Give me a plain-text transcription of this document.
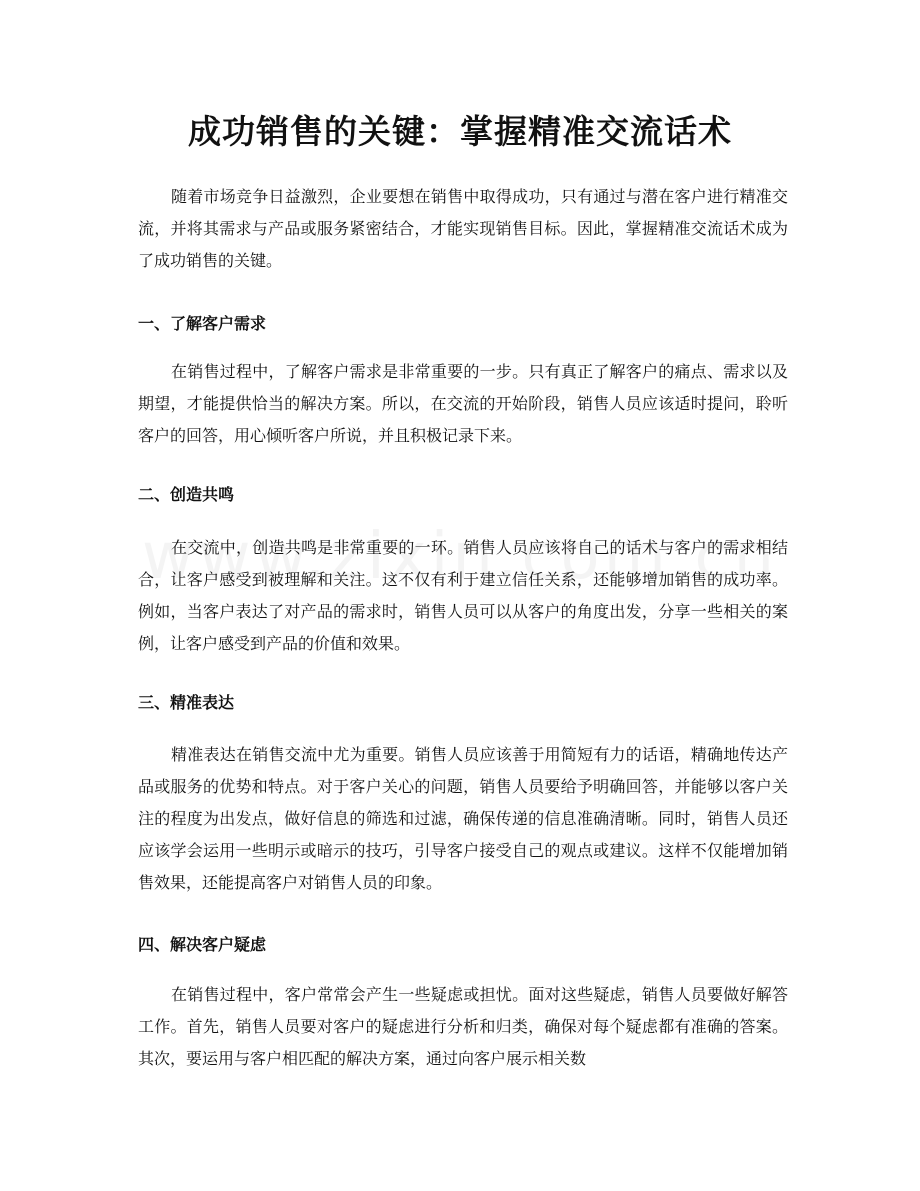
成功销售的关键：掌握精准交流话术
随着市场竞争日益激烈，企业要想在销售中取得成功，只有通过与潜在客户进行精准交流，并将其需求与产品或服务紧密结合，才能实现销售目标。因此，掌握精准交流话术成为了成功销售的关键。
一、了解客户需求
在销售过程中，了解客户需求是非常重要的一步。只有真正了解客户的痛点、需求以及期望，才能提供恰当的解决方案。所以，在交流的开始阶段，销售人员应该适时提问，聆听客户的回答，用心倾听客户所说，并且积极记录下来。
二、创造共鸣
在交流中，创造共鸣是非常重要的一环。销售人员应该将自己的话术与客户的需求相结合，让客户感受到被理解和关注。这不仅有利于建立信任关系，还能够增加销售的成功率。例如，当客户表达了对产品的需求时，销售人员可以从客户的角度出发，分享一些相关的案例，让客户感受到产品的价值和效果。
三、精准表达
精准表达在销售交流中尤为重要。销售人员应该善于用简短有力的话语，精确地传达产品或服务的优势和特点。对于客户关心的问题，销售人员要给予明确回答，并能够以客户关注的程度为出发点，做好信息的筛选和过滤，确保传递的信息准确清晰。同时，销售人员还应该学会运用一些明示或暗示的技巧，引导客户接受自己的观点或建议。这样不仅能增加销售效果，还能提高客户对销售人员的印象。
四、解决客户疑虑
在销售过程中，客户常常会产生一些疑虑或担忧。面对这些疑虑，销售人员要做好解答工作。首先，销售人员要对客户的疑虑进行分析和归类，确保对每个疑虑都有准确的答案。其次，要运用与客户相匹配的解决方案，通过向客户展示相关数
